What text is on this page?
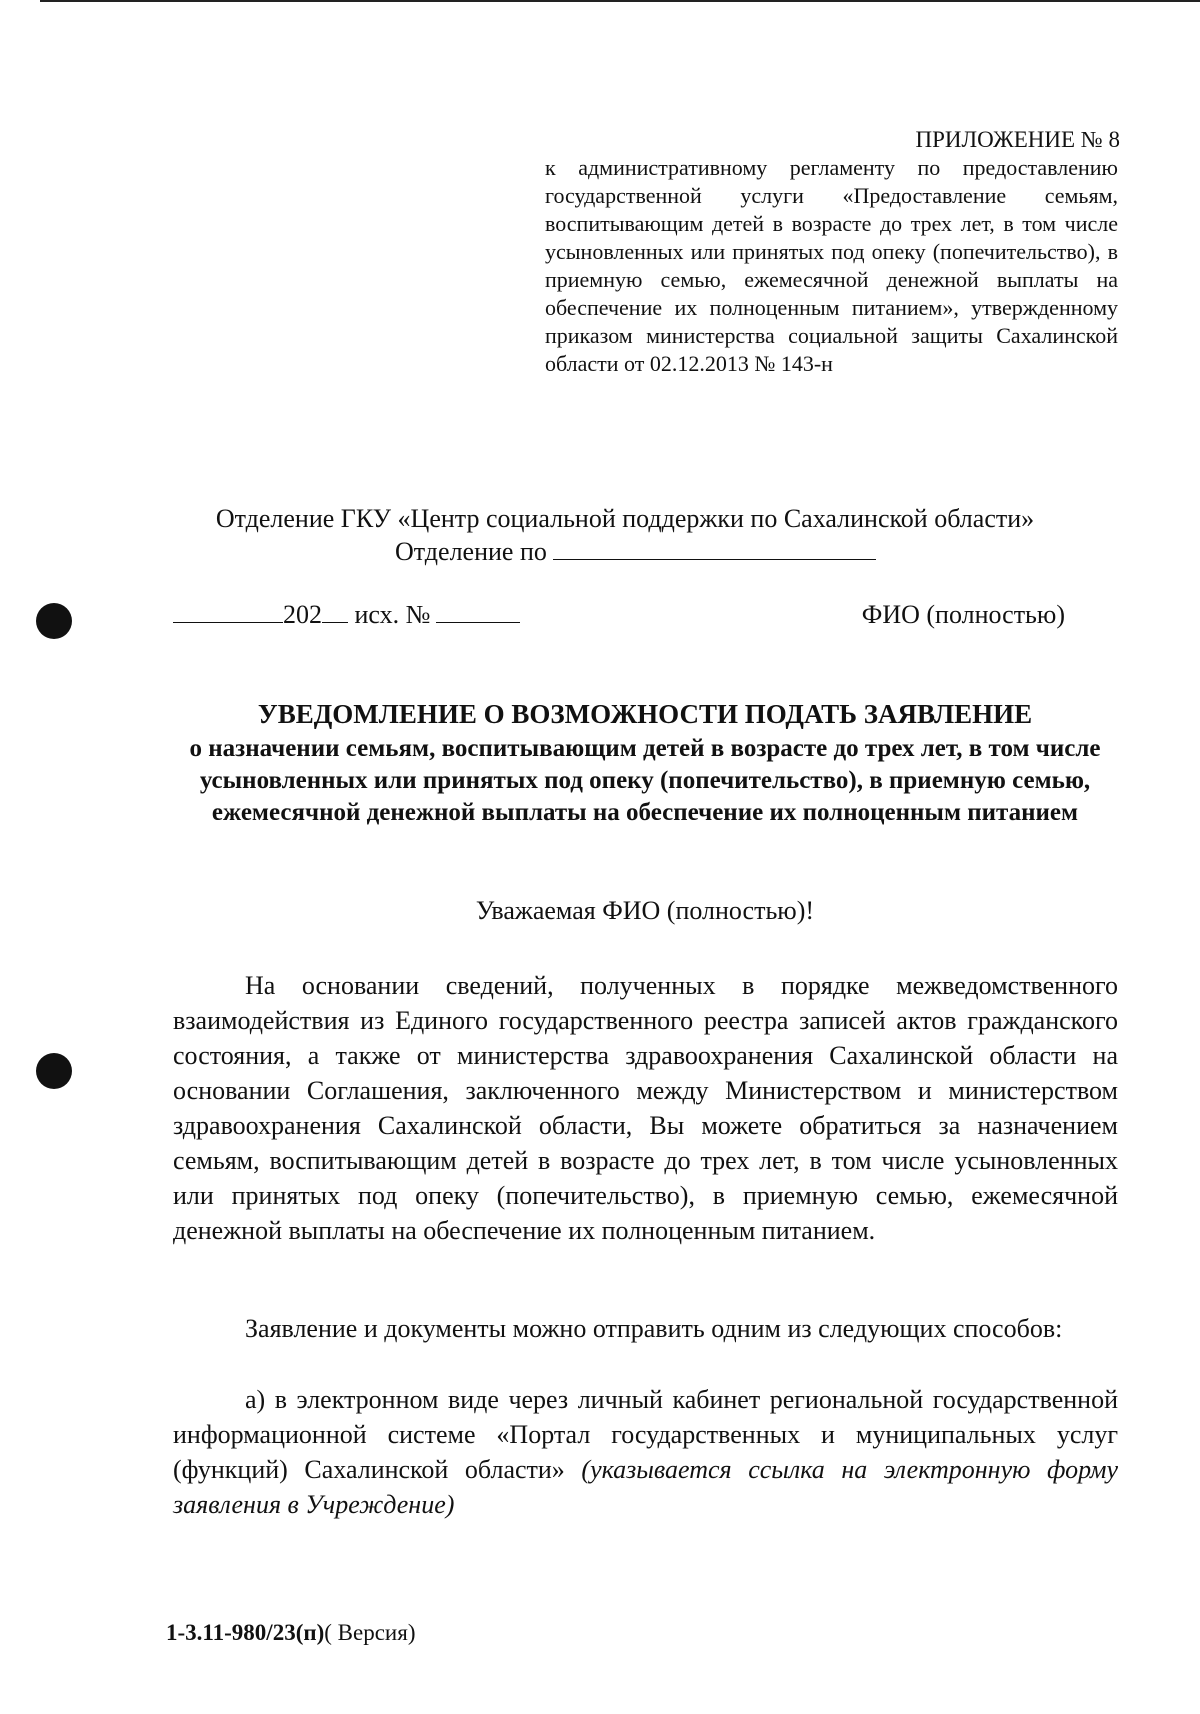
ПРИЛОЖЕНИЕ № 8
к административному регламенту по предоставлению государственной услуги «Предоставление семьям, воспитывающим детей в возрасте до трех лет, в том числе усыновленных или принятых под опеку (попечительство), в приемную семью, ежемесячной денежной выплаты на обеспечение их полноценным питанием», утвержденному приказом министерства социальной защиты Сахалинской области от 02.12.2013 № 143-н
Отделение ГКУ «Центр социальной поддержки по Сахалинской области»
Отделение по
202 исх. №	ФИО (полностью)
УВЕДОМЛЕНИЕ О ВОЗМОЖНОСТИ ПОДАТЬ ЗАЯВЛЕНИЕ
о назначении семьям, воспитывающим детей в возрасте до трех лет, в том числе усыновленных или принятых под опеку (попечительство), в приемную семью, ежемесячной денежной выплаты на обеспечение их полноценным питанием
Уважаемая ФИО (полностью)!
На основании сведений, полученных в порядке межведомственного взаимодействия из Единого государственного реестра записей актов гражданского состояния, а также от министерства здравоохранения Сахалинской области на основании Соглашения, заключенного между Министерством и министерством здравоохранения Сахалинской области, Вы можете обратиться за назначением семьям, воспитывающим детей в возрасте до трех лет, в том числе усыновленных или принятых под опеку (попечительство), в приемную семью, ежемесячной денежной выплаты на обеспечение их полноценным питанием.
Заявление и документы можно отправить одним из следующих способов:
а) в электронном виде через личный кабинет региональной государственной информационной системе «Портал государственных и муниципальных услуг (функций) Сахалинской области» (указывается ссылка на электронную форму заявления в Учреждение)
1-3.11-980/23(п)( Версия)
